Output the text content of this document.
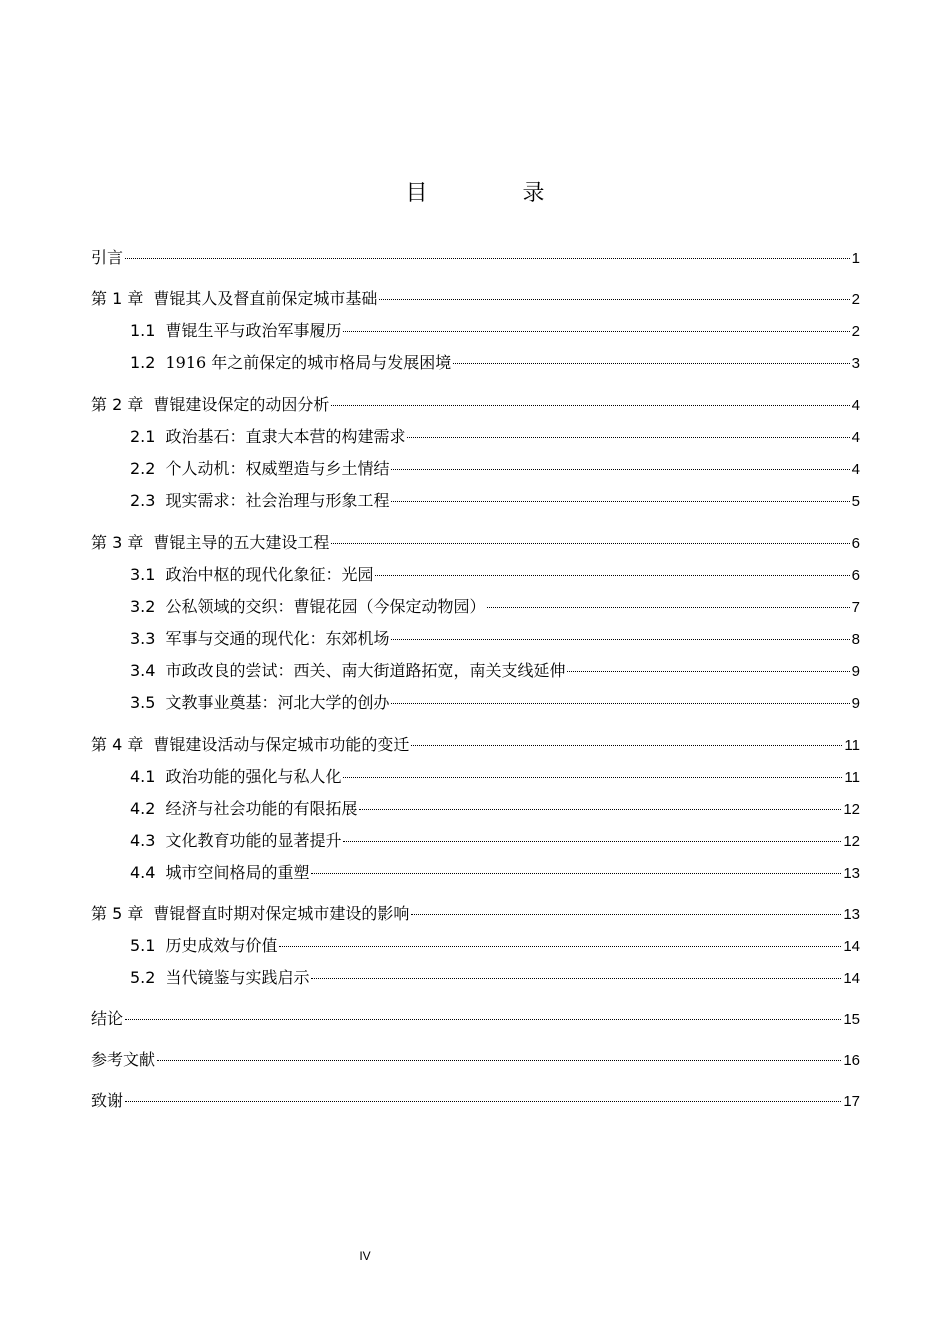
目 录
引言	1
第 1 章 曹锟其人及督直前保定城市基础	2
1.1 曹锟生平与政治军事履历	2
1.2 1916 年之前保定的城市格局与发展困境	3
第 2 章 曹锟建设保定的动因分析	4
2.1 政治基石：直隶大本营的构建需求	4
2.2 个人动机：权威塑造与乡土情结	4
2.3 现实需求：社会治理与形象工程	5
第 3 章 曹锟主导的五大建设工程	6
3.1 政治中枢的现代化象征：光园	6
3.2 公私领域的交织：曹锟花园（今保定动物园）	7
3.3 军事与交通的现代化：东郊机场	8
3.4 市政改良的尝试：西关、南大街道路拓宽，南关支线延伸	9
3.5 文教事业奠基：河北大学的创办	9
第 4 章 曹锟建设活动与保定城市功能的变迁	11
4.1 政治功能的强化与私人化	11
4.2 经济与社会功能的有限拓展	12
4.3 文化教育功能的显著提升	12
4.4 城市空间格局的重塑	13
第 5 章 曹锟督直时期对保定城市建设的影响	13
5.1 历史成效与价值	14
5.2 当代镜鉴与实践启示	14
结论	15
参考文献	16
致谢	17
IV
